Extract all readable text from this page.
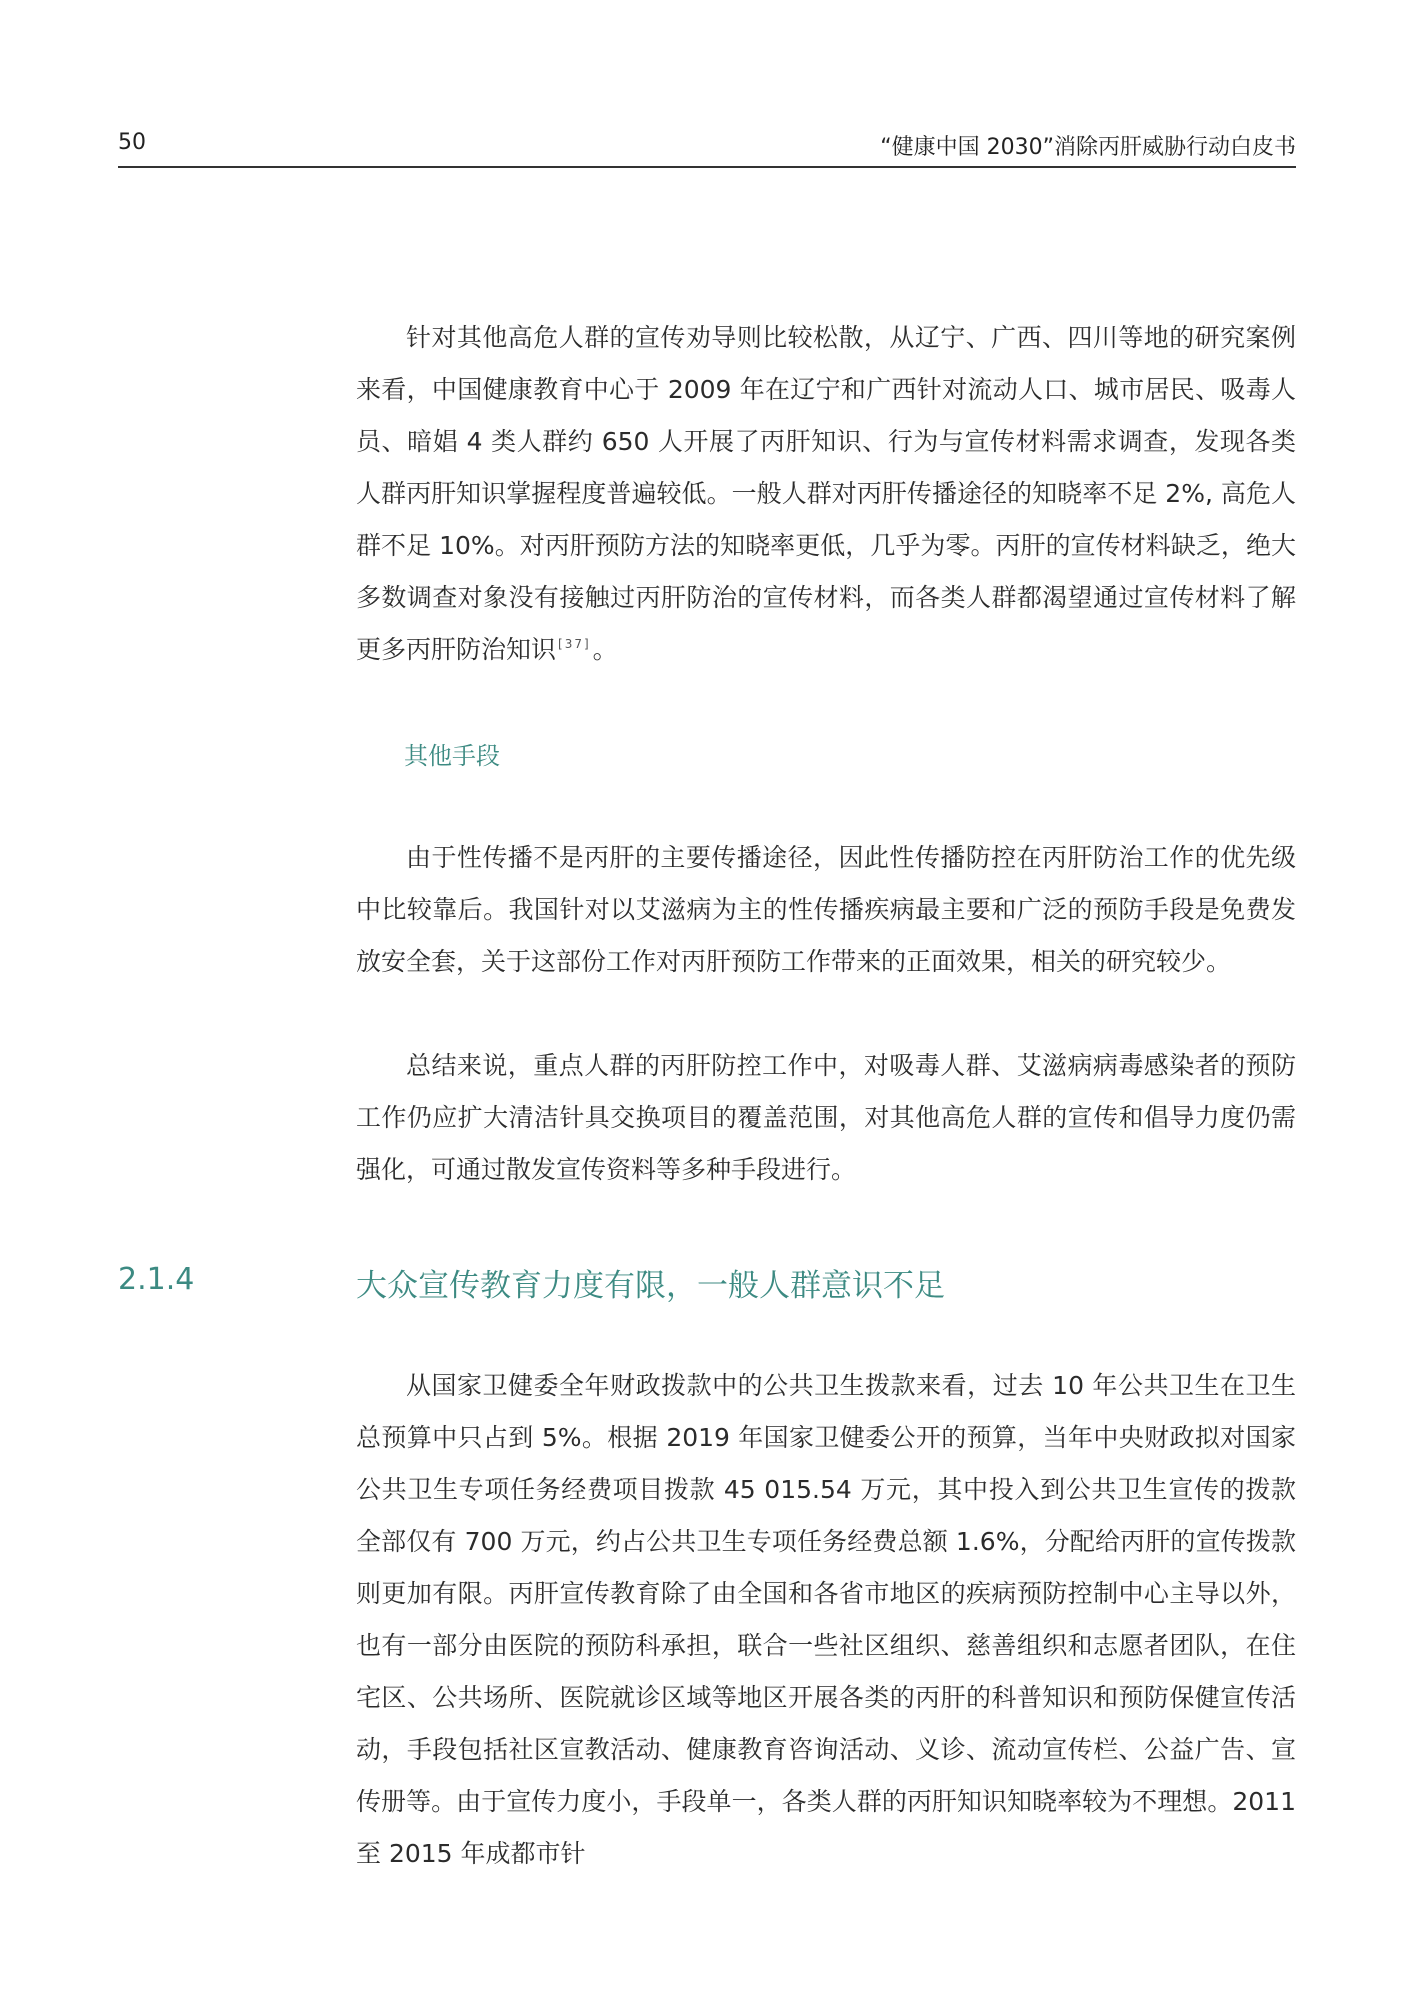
50	“健康中国 2030”消除丙肝威胁行动白皮书

针对其他高危人群的宣传劝导则比较松散，从辽宁、广西、四川等地的研究案例来看，中国健康教育中心于 2009 年在辽宁和广西针对流动人口、城市居民、吸毒人员、暗娼 4 类人群约 650 人开展了丙肝知识、行为与宣传材料需求调查，发现各类人群丙肝知识掌握程度普遍较低。一般人群对丙肝传播途径的知晓率不足 2%, 高危人群不足 10%。对丙肝预防方法的知晓率更低，几乎为零。丙肝的宣传材料缺乏，绝大多数调查对象没有接触过丙肝防治的宣传材料，而各类人群都渴望通过宣传材料了解更多丙肝防治知识 [37]。

其他手段

由于性传播不是丙肝的主要传播途径，因此性传播防控在丙肝防治工作的优先级中比较靠后。我国针对以艾滋病为主的性传播疾病最主要和广泛的预防手段是免费发放安全套，关于这部份工作对丙肝预防工作带来的正面效果，相关的研究较少。

总结来说，重点人群的丙肝防控工作中，对吸毒人群、艾滋病病毒感染者的预防工作仍应扩大清洁针具交换项目的覆盖范围，对其他高危人群的宣传和倡导力度仍需强化，可通过散发宣传资料等多种手段进行。

2.1.4	大众宣传教育力度有限，一般人群意识不足

从国家卫健委全年财政拨款中的公共卫生拨款来看，过去 10 年公共卫生在卫生总预算中只占到 5%。根据 2019 年国家卫健委公开的预算，当年中央财政拟对国家公共卫生专项任务经费项目拨款 45 015.54 万元，其中投入到公共卫生宣传的拨款全部仅有 700 万元，约占公共卫生专项任务经费总额 1.6%，分配给丙肝的宣传拨款则更加有限。丙肝宣传教育除了由全国和各省市地区的疾病预防控制中心主导以外，也有一部分由医院的预防科承担，联合一些社区组织、慈善组织和志愿者团队，在住宅区、公共场所、医院就诊区域等地区开展各类的丙肝的科普知识和预防保健宣传活动，手段包括社区宣教活动、健康教育咨询活动、义诊、流动宣传栏、公益广告、宣传册等。由于宣传力度小，手段单一，各类人群的丙肝知识知晓率较为不理想。2011 至 2015 年成都市针
